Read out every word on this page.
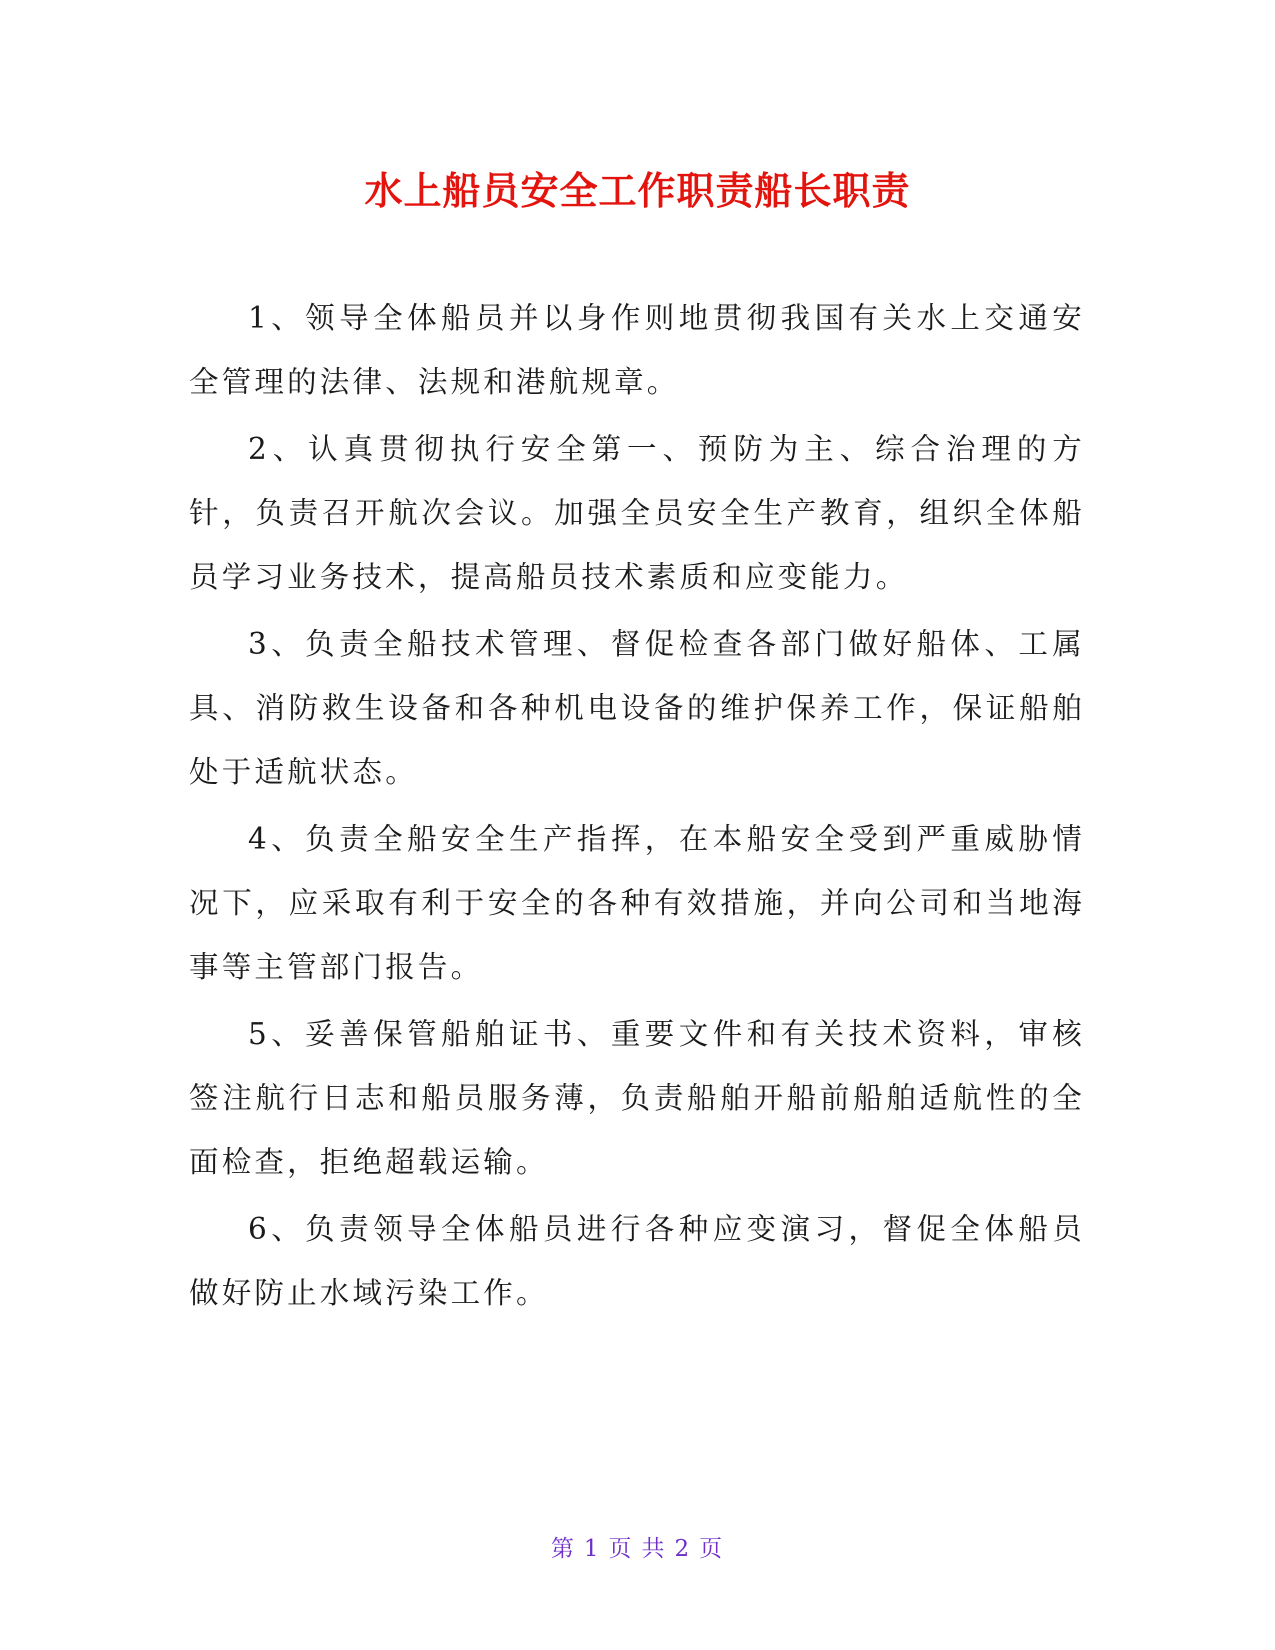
水上船员安全工作职责船长职责

1、领导全体船员并以身作则地贯彻我国有关水上交通安全管理的法律、法规和港航规章。

2、认真贯彻执行安全第一、预防为主、综合治理的方针，负责召开航次会议。加强全员安全生产教育，组织全体船员学习业务技术，提高船员技术素质和应变能力。

3、负责全船技术管理、督促检查各部门做好船体、工属具、消防救生设备和各种机电设备的维护保养工作，保证船舶处于适航状态。

4、负责全船安全生产指挥，在本船安全受到严重威胁情况下，应采取有利于安全的各种有效措施，并向公司和当地海事等主管部门报告。

5、妥善保管船舶证书、重要文件和有关技术资料，审核签注航行日志和船员服务薄，负责船舶开船前船舶适航性的全面检查，拒绝超载运输。

6、负责领导全体船员进行各种应变演习，督促全体船员做好防止水域污染工作。

第 1 页 共 2 页
